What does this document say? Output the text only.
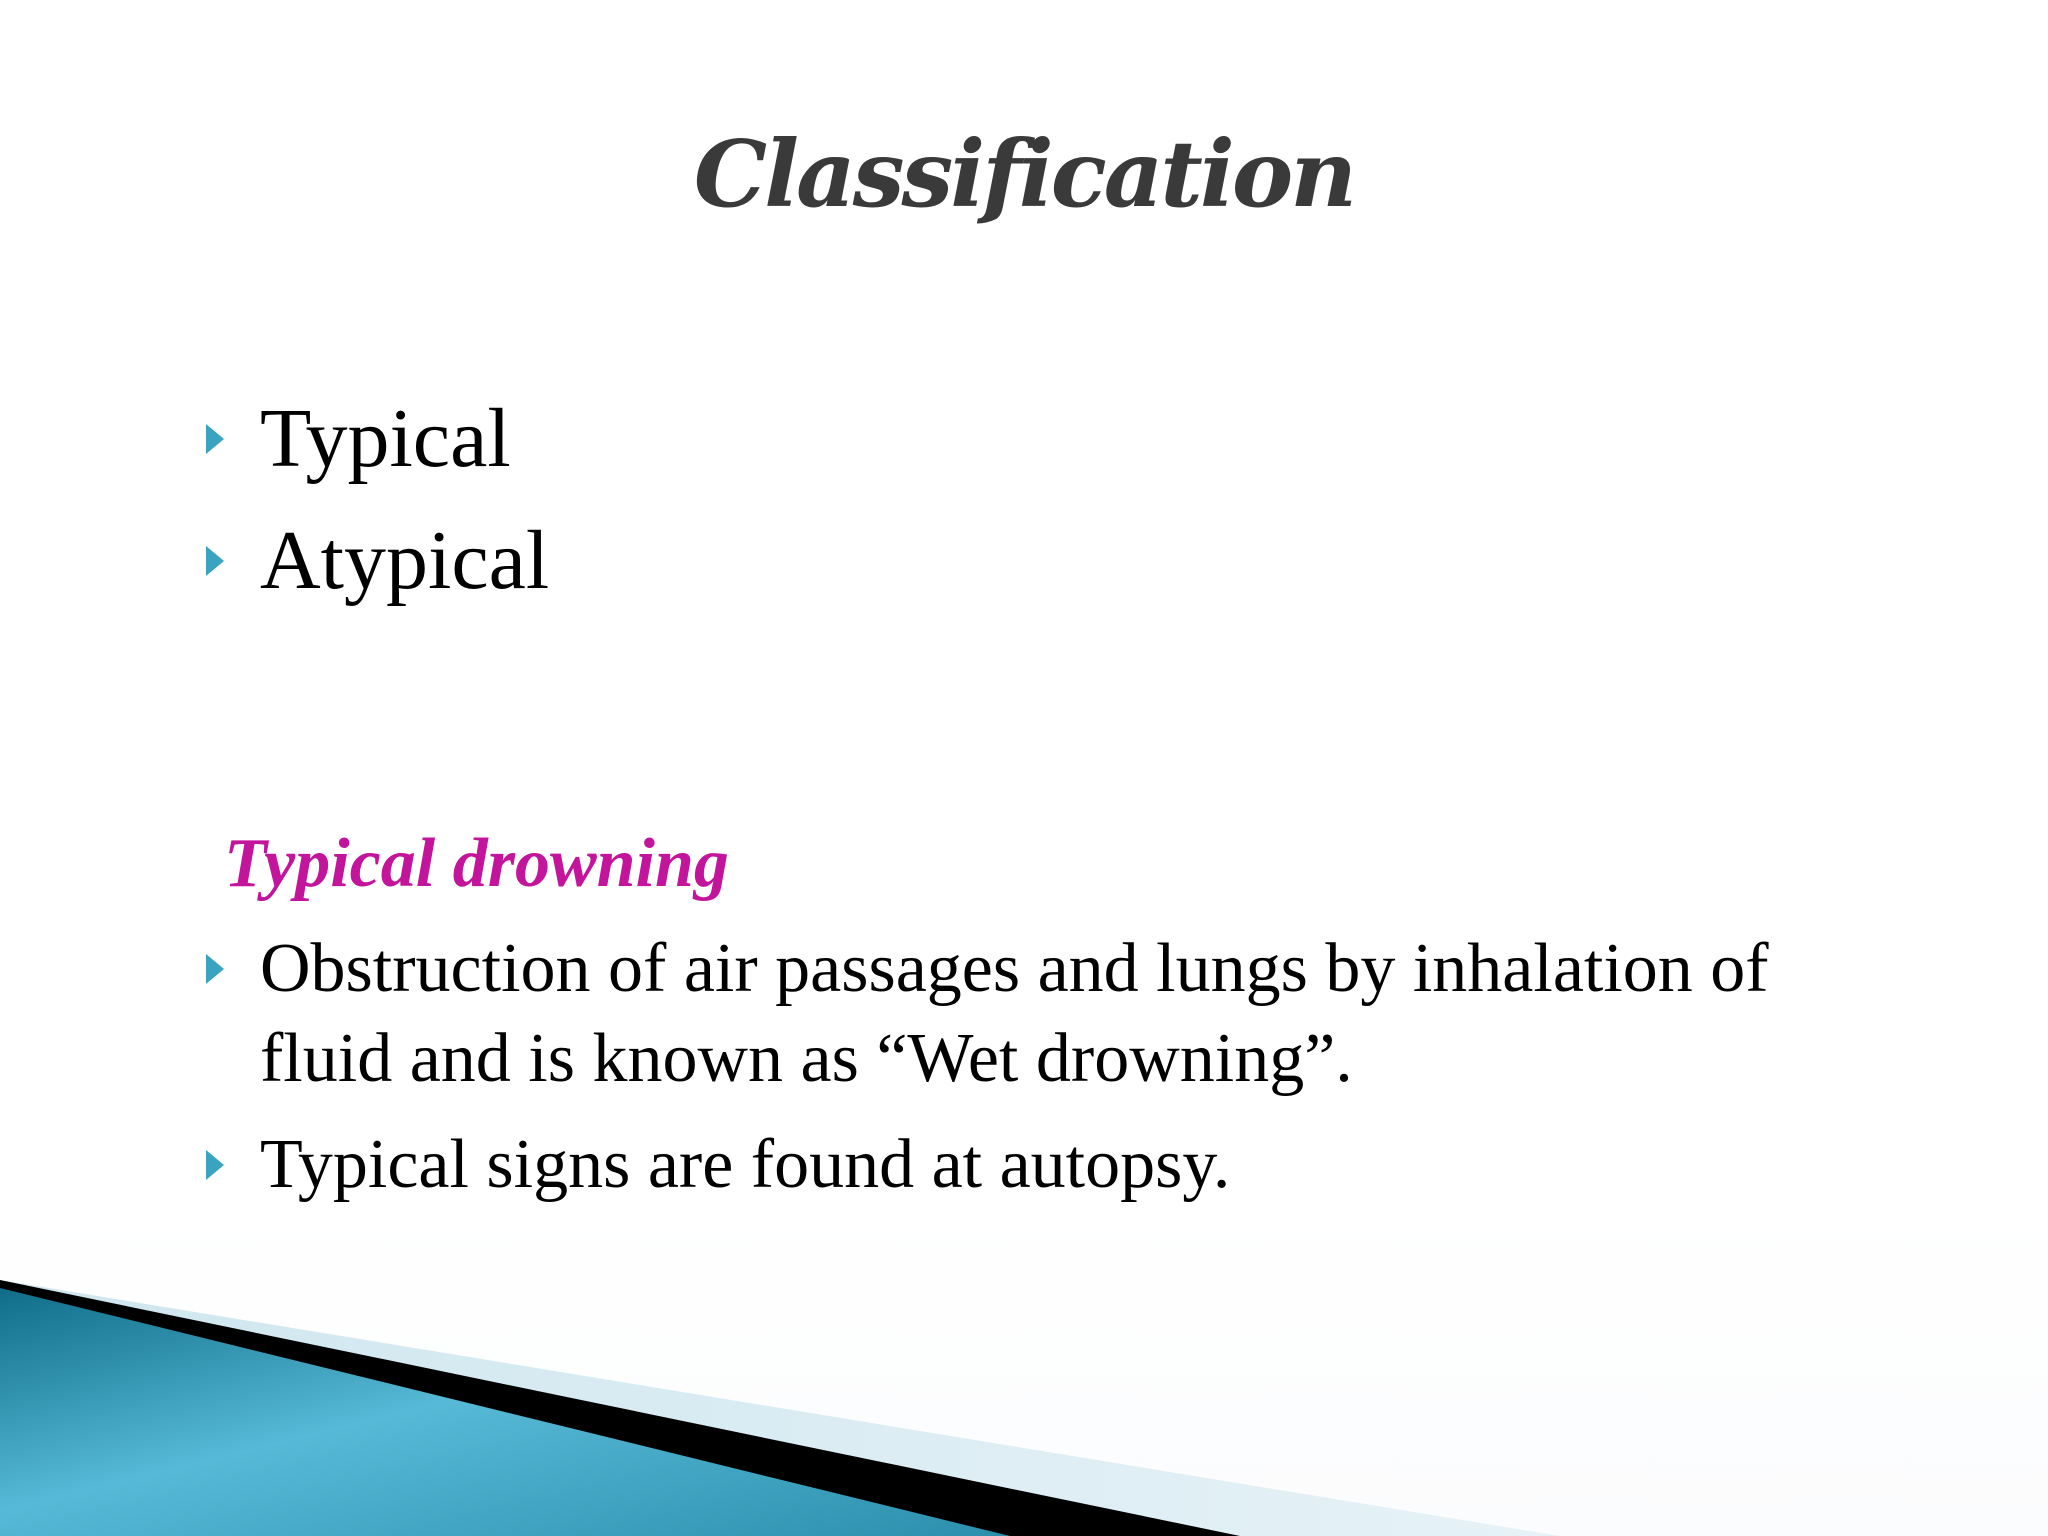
Classification
Typical
Atypical
Typical drowning
Obstruction of air passages and lungs by inhalation of fluid and is known as “Wet drowning”.
Typical signs are found at autopsy.
